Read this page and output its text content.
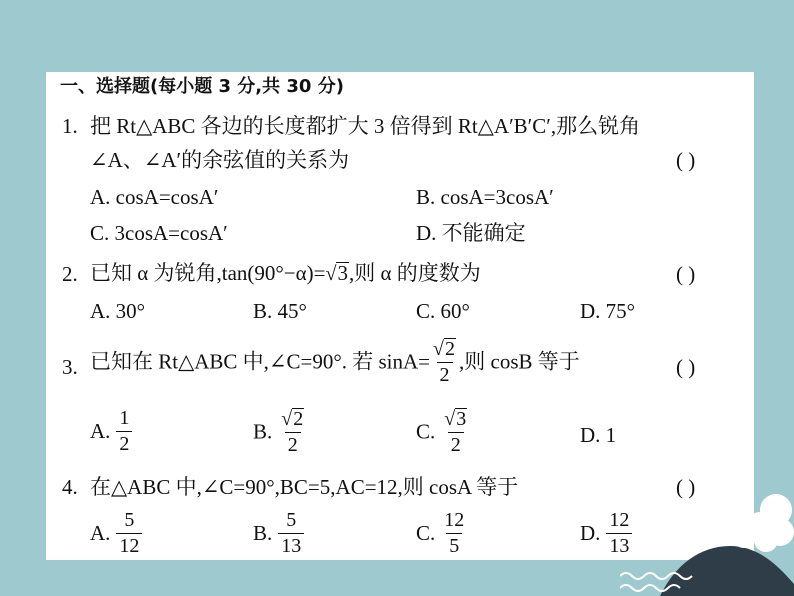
一、选择题(每小题 3 分,共 30 分)
1. 把 Rt△ABC 各边的长度都扩大 3 倍得到 Rt△A′B′C′,那么锐角
∠A、∠A′的余弦值的关系为	( )
A. cosA=cosA′	B. cosA=3cosA′
C. 3cosA=cosA′	D. 不能确定
2. 已知 α 为锐角,tan(90°−α)= √ 3 ,则 α 的度数为	( )
A. 30°	B. 45°	C. 60°	D. 75°
3. 已知在 Rt△ABC 中,∠C=90°. 若 $\sin A= \frac{√ 2}{2}$ ,则 cosB 等于	( )
A. $\frac{1}{2}$	B. $\frac{√ 2}{2}$	C. $\frac{√ 3}{2}$	D. 1
4. 在△ABC 中,∠C=90°,BC=5,AC=12,则 cosA 等于	( )
A. $\frac{5}{12}$	B. $\frac{5}{13}$	C. $\frac{12}{5}$	D. $\frac{12}{13}$
